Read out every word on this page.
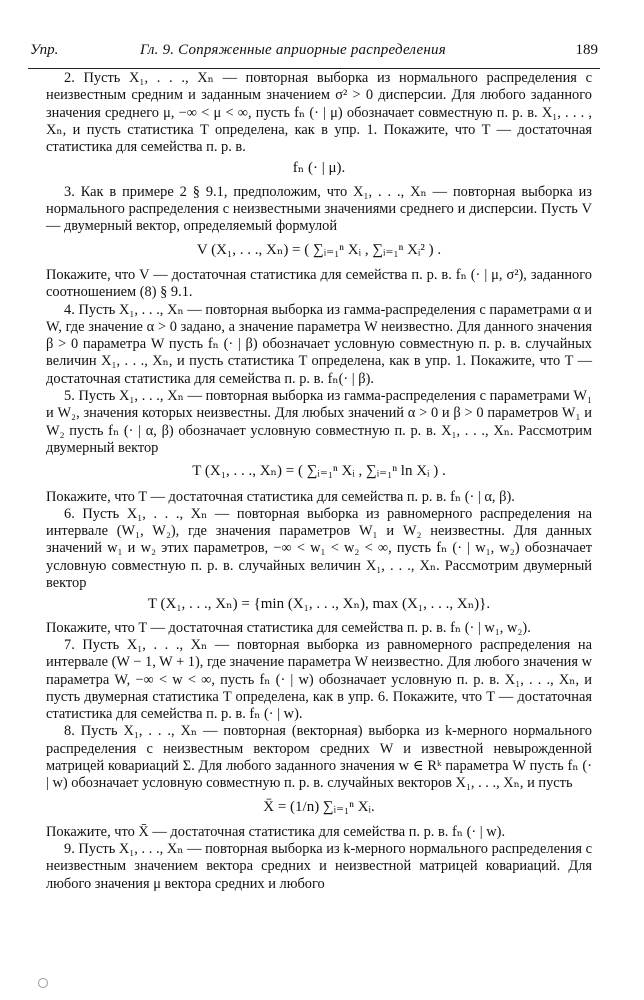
Упр.	Гл. 9. Сопряженные априорные распределения	189

2. Пусть X₁, . . ., Xₙ — повторная выборка из нормального распределения с неизвестным средним и заданным значением σ² > 0 дисперсии. Для любого заданного значения среднего μ, −∞ < μ < ∞, пусть fₙ (· | μ) обозначает совместную п. р. в. X₁, . . . , Xₙ, и пусть статистика T определена, как в упр. 1. Покажите, что T — достаточная статистика для семейства п. р. в.

fₙ (· | μ).

3. Как в примере 2 § 9.1, предположим, что X₁, . . ., Xₙ — повторная выборка из нормального распределения с неизвестными значениями среднего и дисперсии. Пусть V — двумерный вектор, определяемый формулой

V (X₁, . . ., Xₙ) = ( ∑ᵢ₌₁ⁿ Xᵢ , ∑ᵢ₌₁ⁿ Xᵢ² ) .

Покажите, что V — достаточная статистика для семейства п. р. в. fₙ (· | μ, σ²), заданного соотношением (8) § 9.1.

4. Пусть X₁, . . ., Xₙ — повторная выборка из гамма-распределения с параметрами α и W, где значение α > 0 задано, а значение параметра W неизвестно. Для данного значения β > 0 параметра W пусть fₙ (· | β) обозначает условную совместную п. р. в. случайных величин X₁, . . ., Xₙ, и пусть статистика T определена, как в упр. 1. Покажите, что T — достаточная статистика для семейства п. р. в. fₙ(· | β).

5. Пусть X₁, . . ., Xₙ — повторная выборка из гамма-распределения с параметрами W₁ и W₂, значения которых неизвестны. Для любых значений α > 0 и β > 0 параметров W₁ и W₂ пусть fₙ (· | α, β) обозначает условную совместную п. р. в. X₁, . . ., Xₙ. Рассмотрим двумерный вектор

T (X₁, . . ., Xₙ) = ( ∑ᵢ₌₁ⁿ Xᵢ , ∑ᵢ₌₁ⁿ ln Xᵢ ) .

Покажите, что T — достаточная статистика для семейства п. р. в. fₙ (· | α, β).

6. Пусть X₁, . . ., Xₙ — повторная выборка из равномерного распределения на интервале (W₁, W₂), где значения параметров W₁ и W₂ неизвестны. Для данных значений w₁ и w₂ этих параметров, −∞ < w₁ < w₂ < ∞, пусть fₙ (· | w₁, w₂) обозначает условную совместную п. р. в. случайных величин X₁, . . ., Xₙ. Рассмотрим двумерный вектор

T (X₁, . . ., Xₙ) = {min (X₁, . . ., Xₙ), max (X₁, . . ., Xₙ)}.

Покажите, что T — достаточная статистика для семейства п. р. в. fₙ (· | w₁, w₂).

7. Пусть X₁, . . ., Xₙ — повторная выборка из равномерного распределения на интервале (W − 1, W + 1), где значение параметра W неизвестно. Для любого значения w параметра W, −∞ < w < ∞, пусть fₙ (· | w) обозначает условную п. р. в. X₁, . . ., Xₙ, и пусть двумерная статистика T определена, как в упр. 6. Покажите, что T — достаточная статистика для семейства п. р. в. fₙ (· | w).

8. Пусть X₁, . . ., Xₙ — повторная (векторная) выборка из k-мерного нормального распределения с неизвестным вектором средних W и известной невырожденной матрицей ковариаций Σ. Для любого заданного значения w ∈ Rᵏ параметра W пусть fₙ (· | w) обозначает условную совместную п. р. в. случайных векторов X₁, . . ., Xₙ, и пусть

X̄ = (1/n) ∑ᵢ₌₁ⁿ Xᵢ.

Покажите, что X̄ — достаточная статистика для семейства п. р. в. fₙ (· | w).

9. Пусть X₁, . . ., Xₙ — повторная выборка из k-мерного нормального распределения с неизвестным значением вектора средних и неизвестной матрицей ковариаций. Для любого значения μ вектора средних и любого
